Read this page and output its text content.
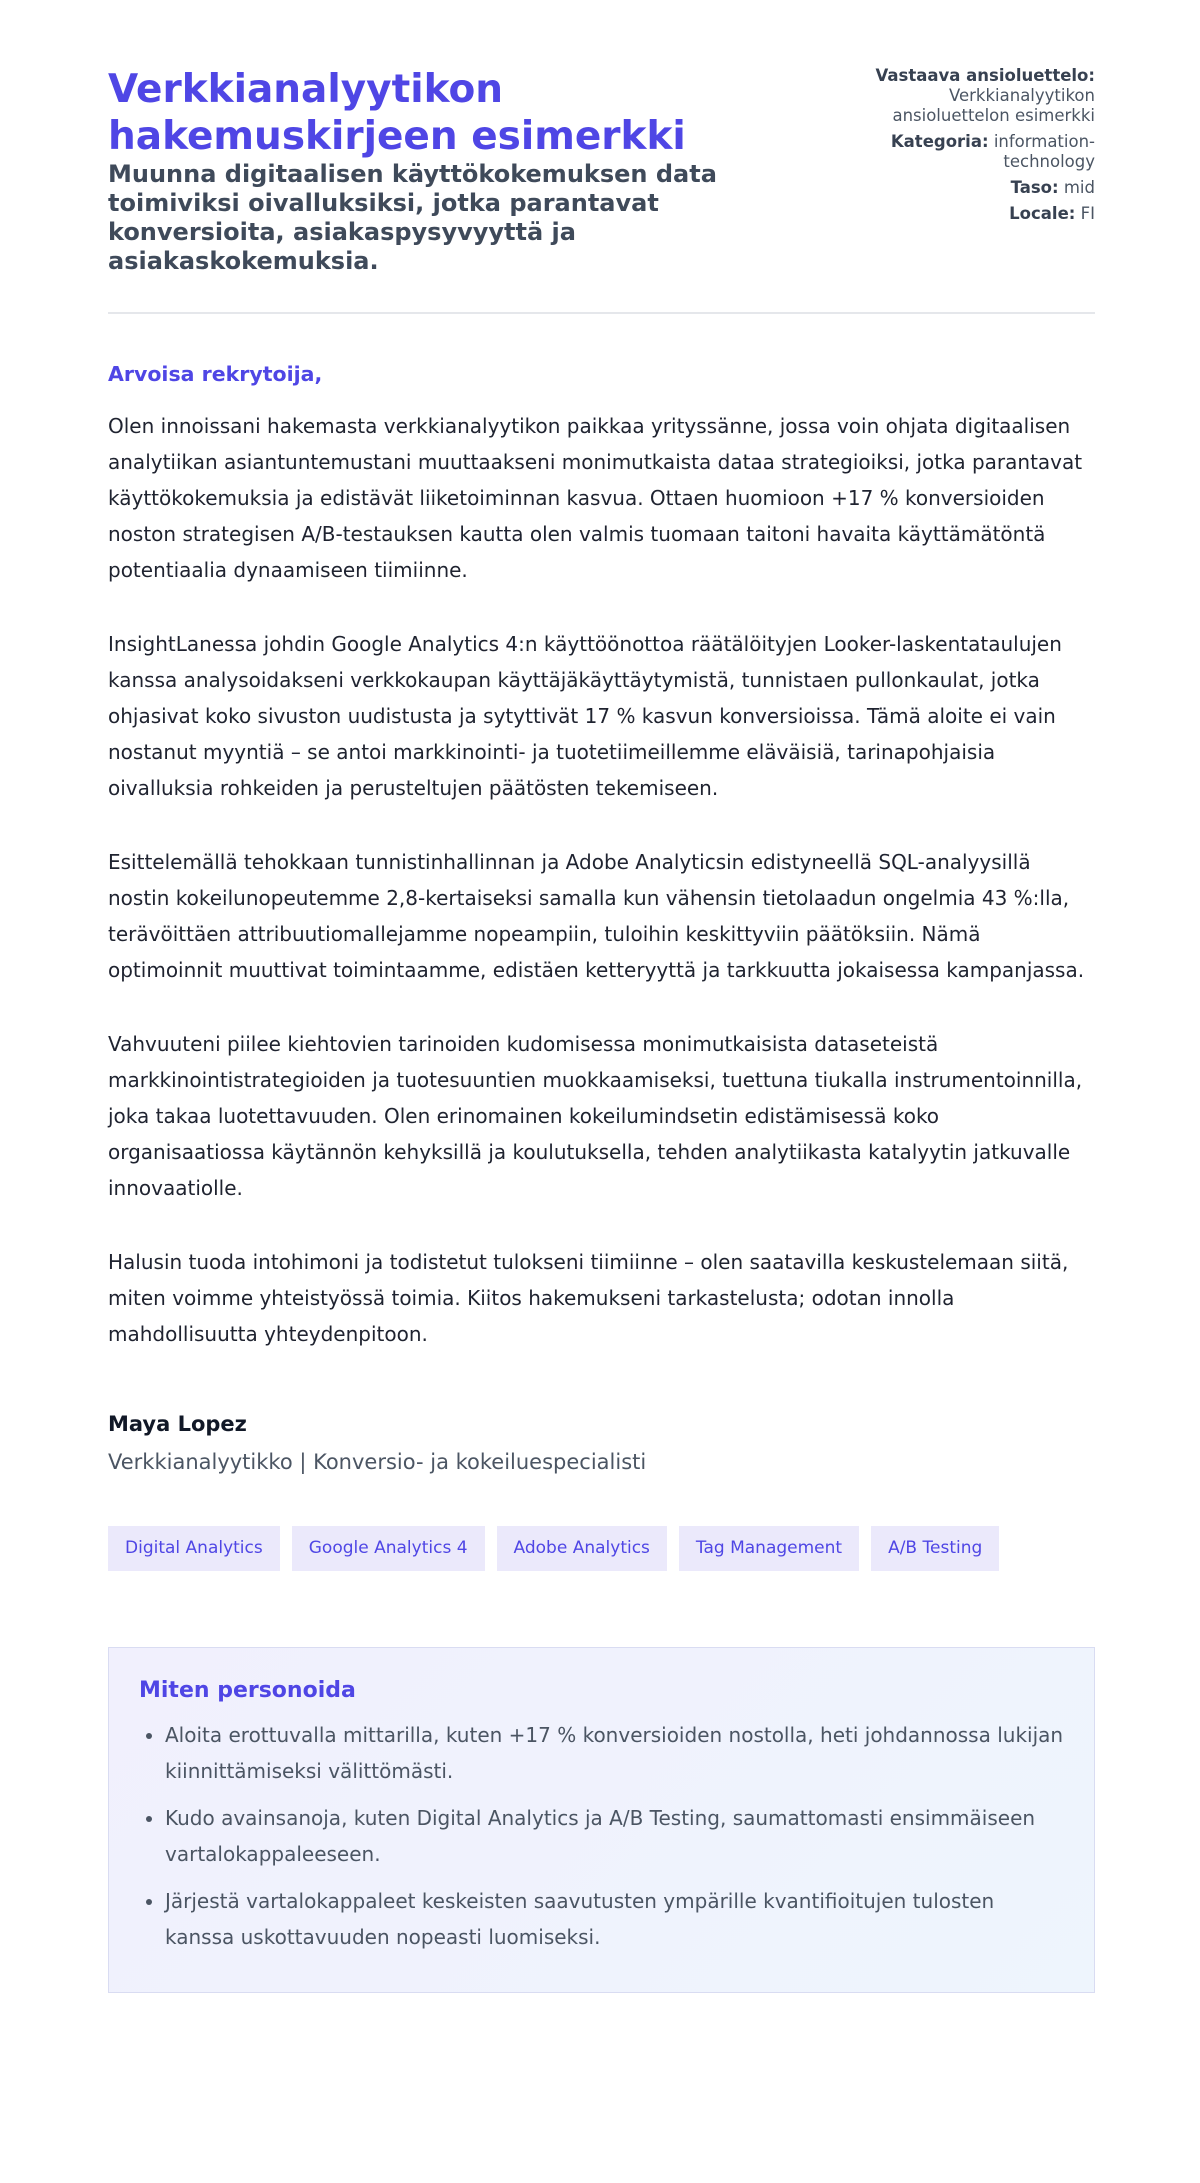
Verkkianalyytikon hakemuskirjeen esimerkki

Muunna digitaalisen käyttökokemuksen data toimiviksi oivalluksiksi, jotka parantavat konversioita, asiakaspysyvyyttä ja asiakaskokemuksia.

Vastaava ansioluettelo: Verkkianalyytikon ansioluettelon esimerkki
Kategoria: information-technology
Taso: mid
Locale: FI
Arvoisa rekrytoija,

Olen innoissani hakemasta verkkianalyytikon paikkaa yrityssänne, jossa voin ohjata digitaalisen analytiikan asiantuntemustani muuttaakseni monimutkaista dataa strategioiksi, jotka parantavat käyttökokemuksia ja edistävät liiketoiminnan kasvua. Ottaen huomioon +17 % konversioiden noston strategisen A/B-testauksen kautta olen valmis tuomaan taitoni havaita käyttämätöntä potentiaalia dynaamiseen tiimiinne.

InsightLanessa johdin Google Analytics 4:n käyttöönottoa räätälöityjen Looker-laskentataulujen kanssa analysoidakseni verkkokaupan käyttäjäkäyttäytymistä, tunnistaen pullonkaulat, jotka ohjasivat koko sivuston uudistusta ja sytyttivät 17 % kasvun konversioissa. Tämä aloite ei vain nostanut myyntiä – se antoi markkinointi- ja tuotetiimeillemme eläväisiä, tarinapohjaisia oivalluksia rohkeiden ja perusteltujen päätösten tekemiseen.

Esittelemällä tehokkaan tunnistinhallinnan ja Adobe Analyticsin edistyneellä SQL-analyysillä nostin kokeilunopeutemme 2,8-kertaiseksi samalla kun vähensin tietolaadun ongelmia 43 %:lla, terävöittäen attribuutiomallejamme nopeampiin, tuloihin keskittyviin päätöksiin. Nämä optimoinnit muuttivat toimintaamme, edistäen ketteryyttä ja tarkkuutta jokaisessa kampanjassa.

Vahvuuteni piilee kiehtovien tarinoiden kudomisessa monimutkaisista dataseteistä markkinointistrategioiden ja tuotesuuntien muokkaamiseksi, tuettuna tiukalla instrumentoinnilla, joka takaa luotettavuuden. Olen erinomainen kokeilumindsetin edistämisessä koko organisaatiossa käytännön kehyksillä ja koulutuksella, tehden analytiikasta katalyytin jatkuvalle innovaatiolle.

Halusin tuoda intohimoni ja todistetut tulokseni tiimiinne – olen saatavilla keskustelemaan siitä, miten voimme yhteistyössä toimia. Kiitos hakemukseni tarkastelusta; odotan innolla mahdollisuutta yhteydenpitoon.

Maya Lopez
Verkkianalyytikko | Konversio- ja kokeiluespecialisti
Digital Analytics	Google Analytics 4	Adobe Analytics	Tag Management	A/B Testing
Miten personoida
• Aloita erottuvalla mittarilla, kuten +17 % konversioiden nostolla, heti johdannossa lukijan kiinnittämiseksi välittömästi.
• Kudo avainsanoja, kuten Digital Analytics ja A/B Testing, saumattomasti ensimmäiseen vartalokappaleeseen.
• Järjestä vartalokappaleet keskeisten saavutusten ympärille kvantifioitujen tulosten kanssa uskottavuuden nopeasti luomiseksi.
